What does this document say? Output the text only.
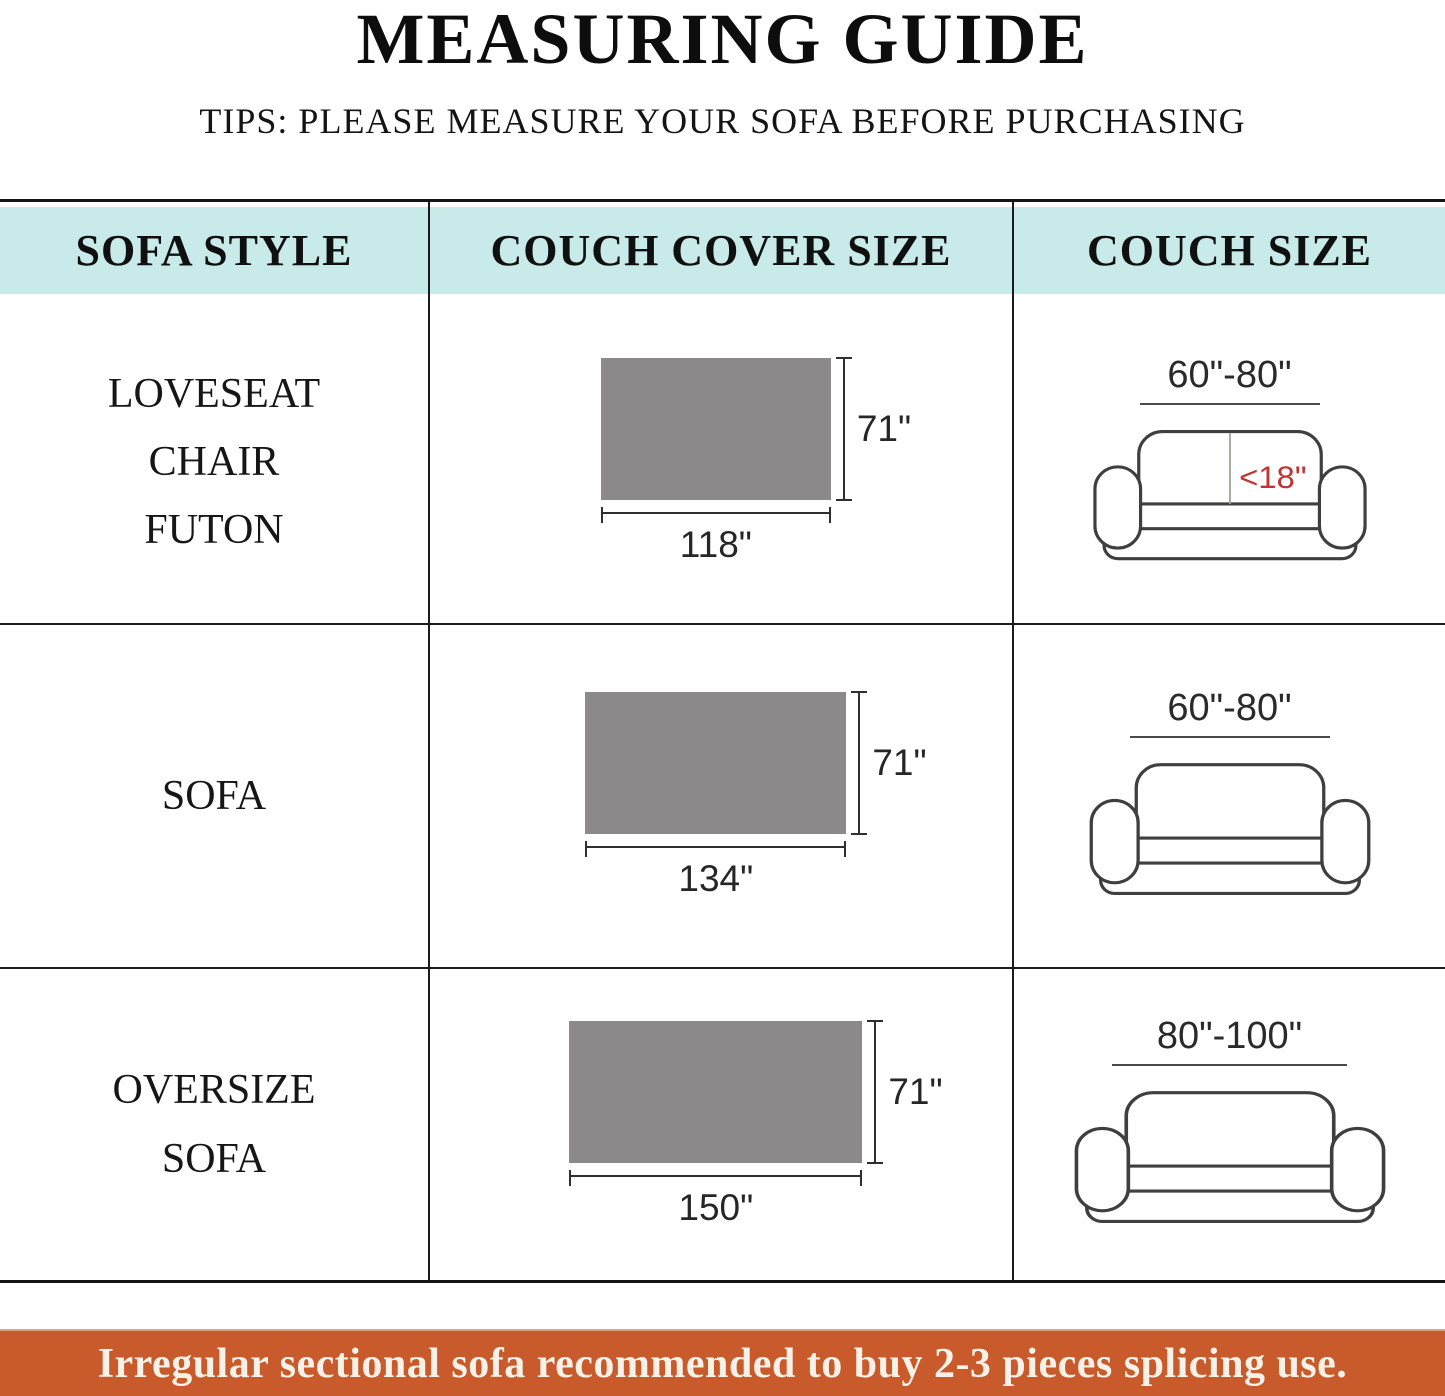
MEASURING GUIDE
TIPS: PLEASE MEASURE YOUR SOFA BEFORE PURCHASING
SOFA STYLE	COUCH COVER SIZE	COUCH SIZE
LOVESEAT
CHAIR
FUTON
71"
118"
60"-80"
<18"
SOFA
71"
134"
60"-80"
OVERSIZE
SOFA
71"
150"
80"-100"
Irregular sectional sofa recommended to buy 2-3 pieces splicing use.
